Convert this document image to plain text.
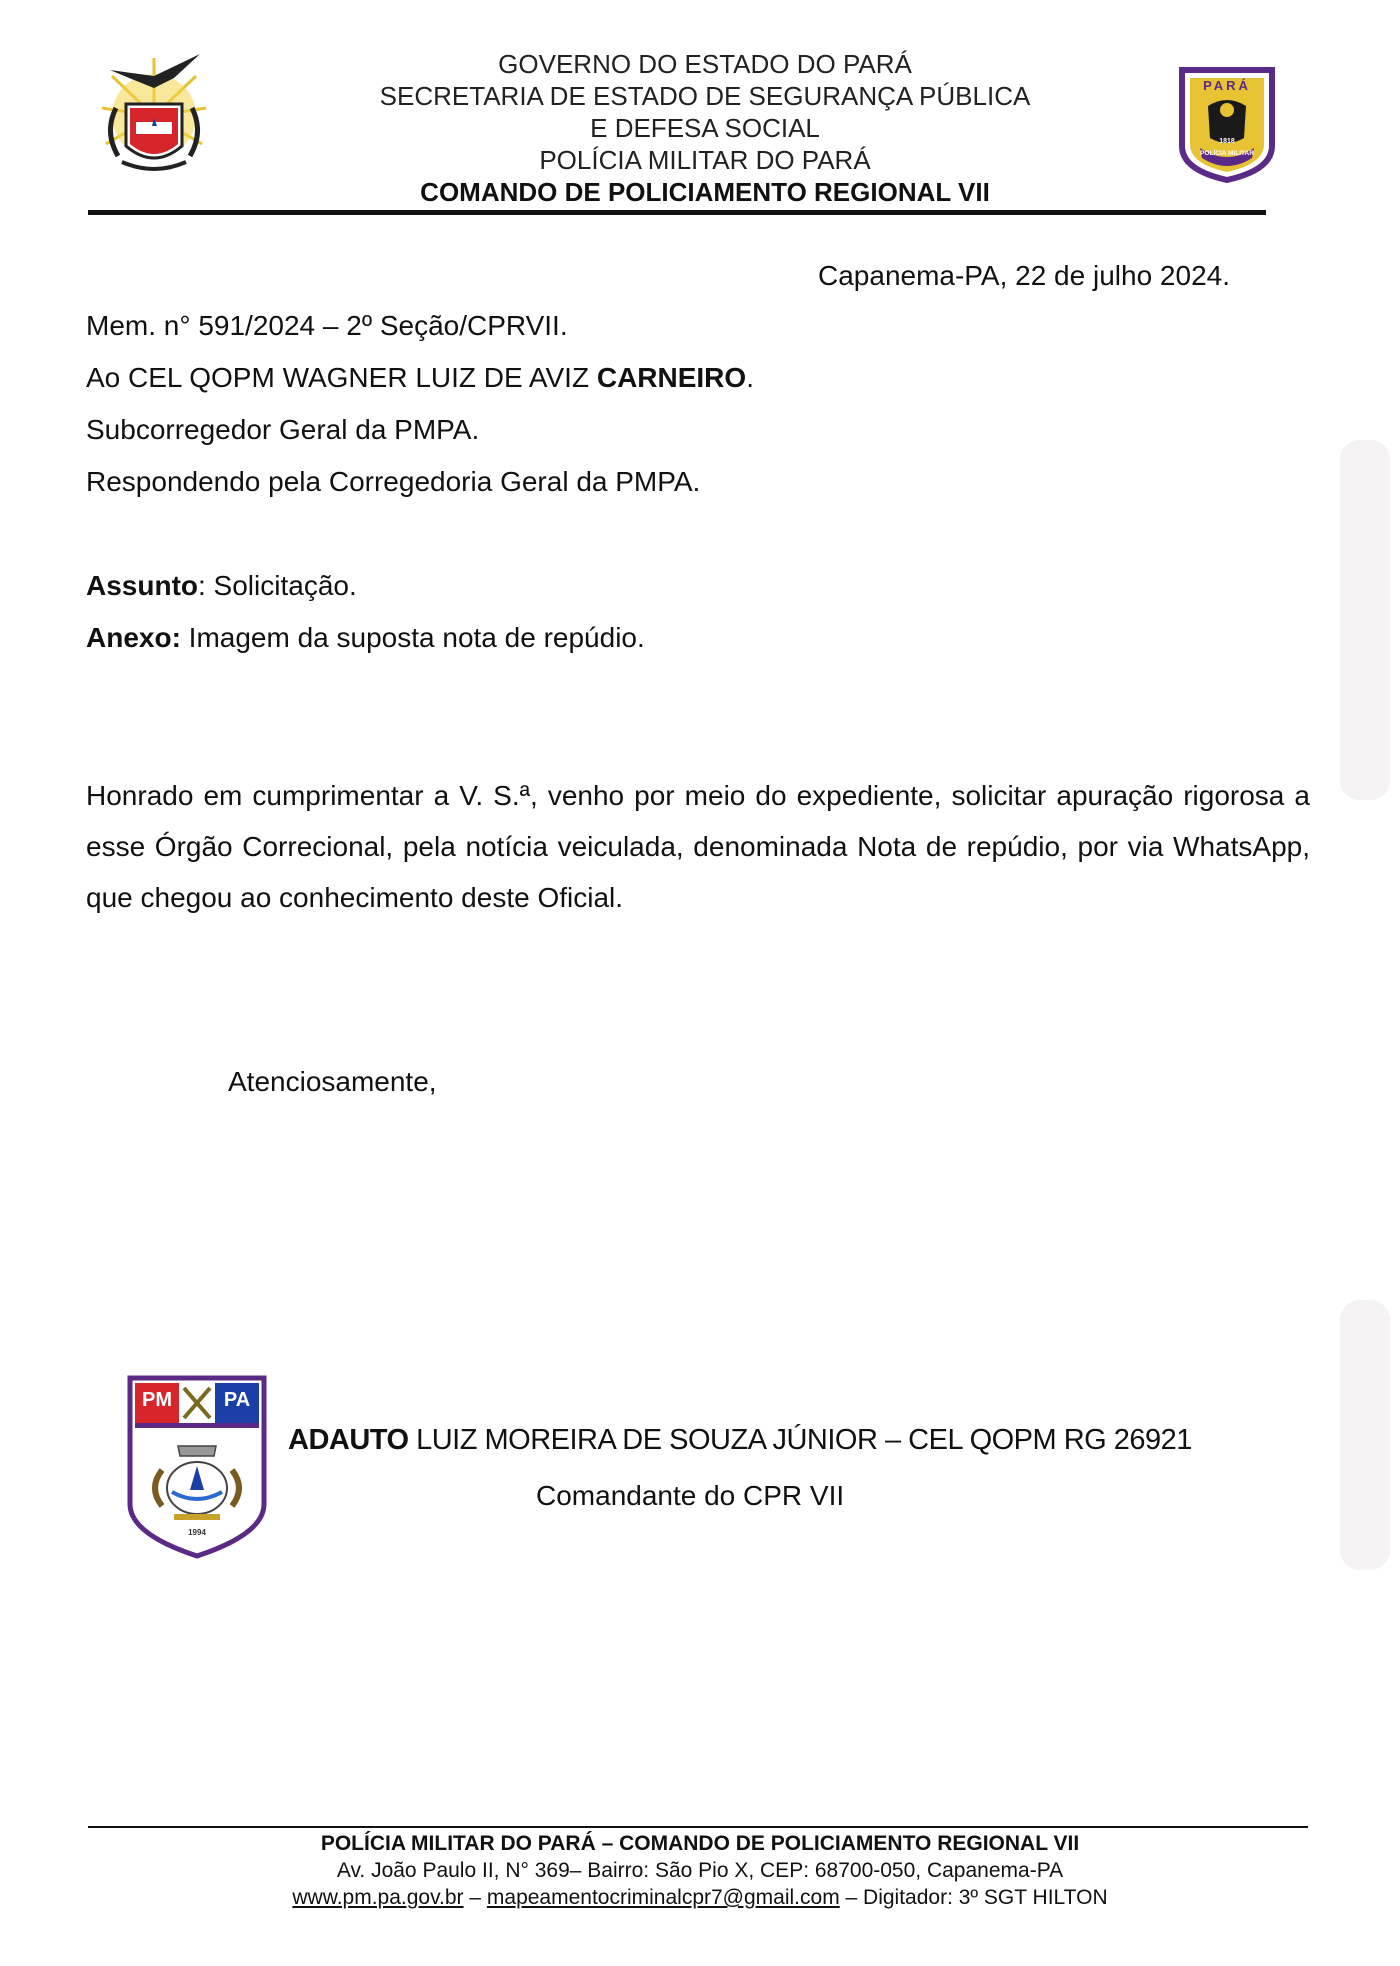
GOVERNO DO ESTADO DO PARÁ
SECRETARIA DE ESTADO DE SEGURANÇA PÚBLICA
E DEFESA SOCIAL
POLÍCIA MILITAR DO PARÁ
COMANDO DE POLICIAMENTO REGIONAL VII
PARÁ
1818
POLÍCIA MILITAR
Capanema-PA, 22 de julho 2024.
Mem. n° 591/2024 – 2º Seção/CPRVII.
Ao CEL QOPM WAGNER LUIZ DE AVIZ CARNEIRO.
Subcorregedor Geral da PMPA.
Respondendo pela Corregedoria Geral da PMPA.
Assunto: Solicitação.
Anexo: Imagem da suposta nota de repúdio.
Honrado em cumprimentar a V. S.ª, venho por meio do expediente, solicitar apuração rigorosa a esse Órgão Correcional, pela notícia veiculada, denominada Nota de repúdio, por via WhatsApp, que chegou ao conhecimento deste Oficial.
Atenciosamente,
PM	PA
1994
ADAUTO LUIZ MOREIRA DE SOUZA JÚNIOR – CEL QOPM RG 26921
Comandante do CPR VII
POLÍCIA MILITAR DO PARÁ – COMANDO DE POLICIAMENTO REGIONAL VII
Av. João Paulo II, N° 369– Bairro: São Pio X, CEP: 68700-050, Capanema-PA
www.pm.pa.gov.br – mapeamentocriminalcpr7@gmail.com – Digitador: 3º SGT HILTON
